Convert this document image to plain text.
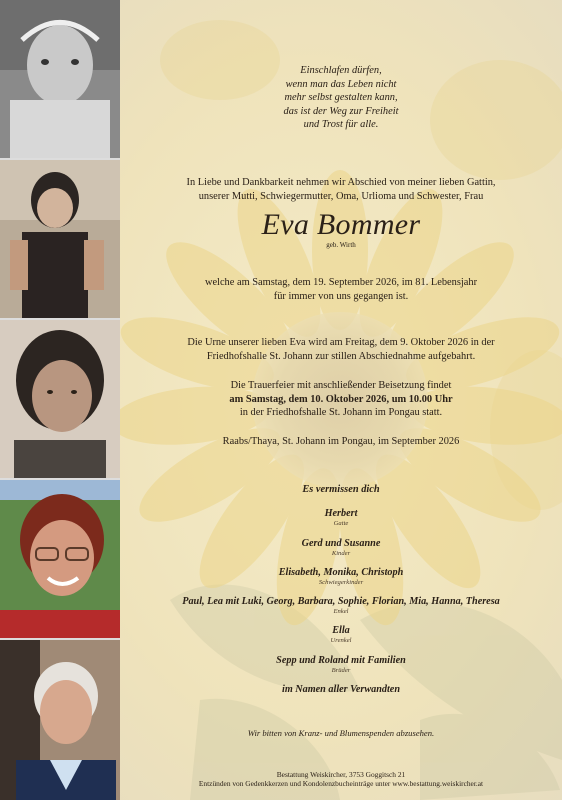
Einschlafen dürfen,
wenn man das Leben nicht
mehr selbst gestalten kann,
das ist der Weg zur Freiheit
und Trost für alle.
In Liebe und Dankbarkeit nehmen wir Abschied von meiner lieben Gattin,
unserer Mutti, Schwiegermutter, Oma, Urlioma und Schwester, Frau
Eva Bommer
geb. Wirth
welche am Samstag, dem 19. September 2026, im 81. Lebensjahr
für immer von uns gegangen ist.
Die Urne unserer lieben Eva wird am Freitag, dem 9. Oktober 2026 in der
Friedhofshalle St. Johann zur stillen Abschiednahme aufgebahrt.
Die Trauerfeier mit anschließender Beisetzung findet
am Samstag, dem 10. Oktober 2026, um 10.00 Uhr
in der Friedhofshalle St. Johann im Pongau statt.
Raabs/Thaya, St. Johann im Pongau, im September 2026
Es vermissen dich
Herbert
Gatte
Gerd und Susanne
Kinder
Elisabeth, Monika, Christoph
Schwiegerkinder
Paul, Lea mit Luki, Georg, Barbara, Sophie, Florian, Mia, Hanna, Theresa
Enkel
Ella
Urenkel
Sepp und Roland mit Familien
Brüder
im Namen aller Verwandten
Wir bitten von Kranz- und Blumenspenden abzusehen.
Bestattung Weiskircher, 3753 Goggitsch 21
Entzünden von Gedenkkerzen und Kondolenzbucheinträge unter www.bestattung.weiskircher.at
